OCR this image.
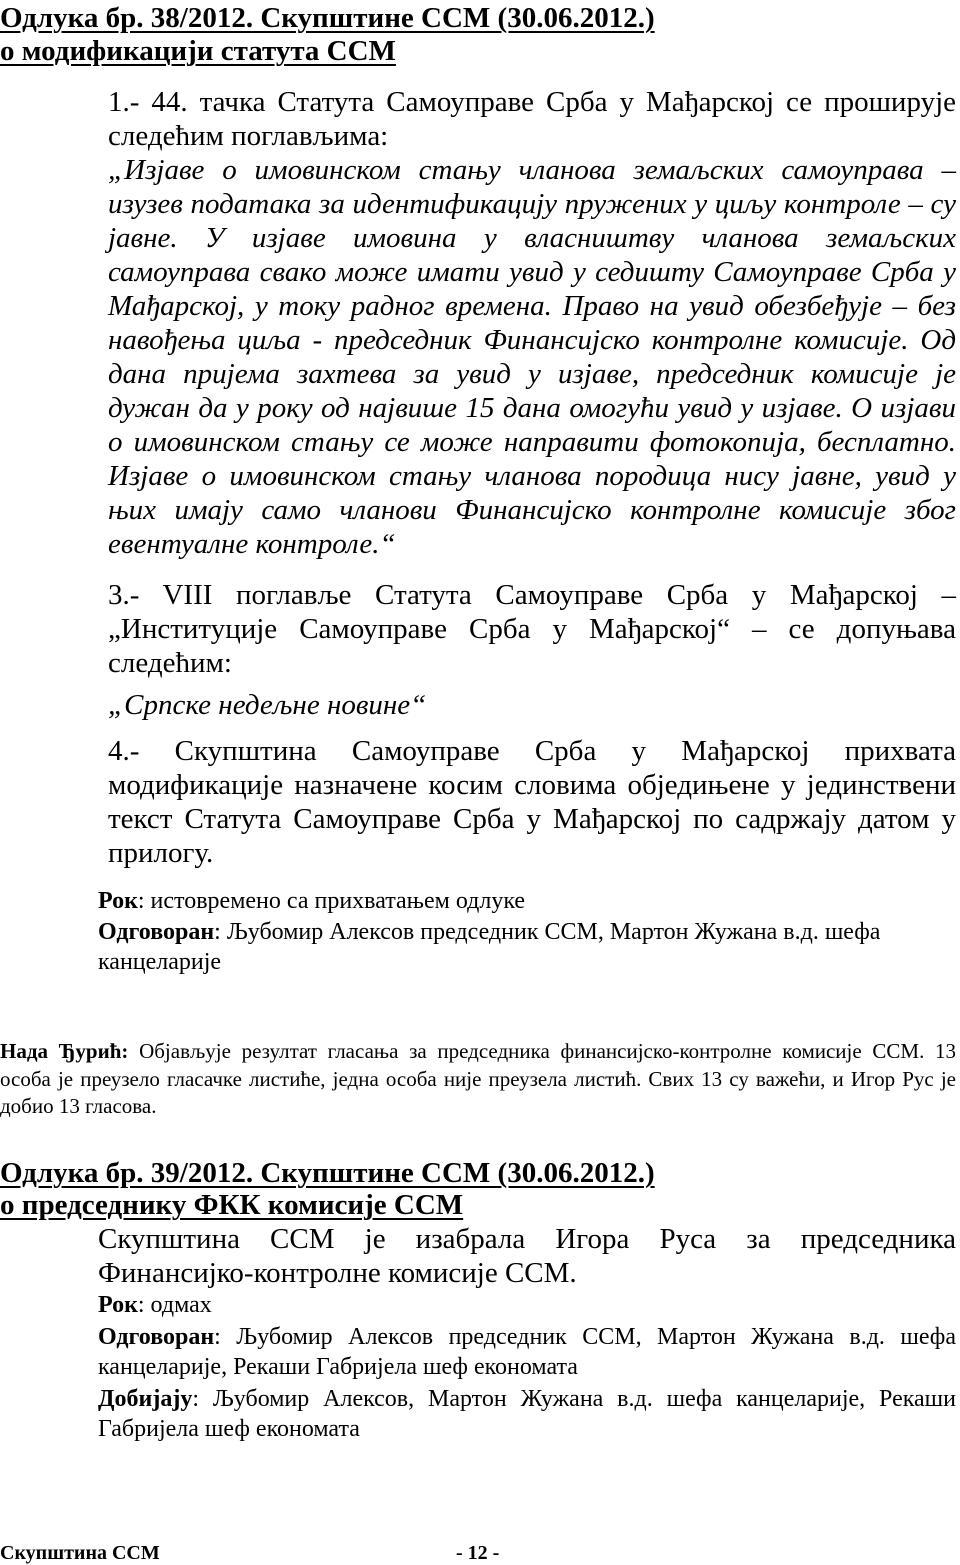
Одлука бр. 38/2012. Скупштине ССМ (30.06.2012.)
о модификацији статута ССМ

1.- 44. тачка Статута Самоуправе Срба у Мађарској се проширује следећим поглављима:

„Изјаве о имовинском стању чланова земаљских самоуправа – изузев података за идентификацију пружених у циљу контроле – су јавне. У изјаве имовина у власништву чланова земаљских самоуправа свако може имати увид у седишту Самоуправе Срба у Мађарској, у току радног времена. Право на увид обезбеђује – без навођења циља - председник Финансијско контролне комисије. Од дана пријема захтева за увид у изјаве, председник комисије је дужан да у року од највише 15 дана омогући увид у изјаве. О изјави о имовинском стању се може направити фотокопија, бесплатно. Изјаве о имовинском стању чланова породица нису јавне, увид у њих имају само чланови Финансијско контролне комисије због евентуалне контроле.“

3.- VIII поглавље Статута Самоуправе Срба у Мађарској – „Институције Самоуправе Срба у Мађарској“ – се допуњава следећим:

„Српске недељне новине“

4.- Скупштина Самоуправе Срба у Мађарској прихвата модификације назначене косим словима обједињене у јединствени текст Статута Самоуправе Срба у Мађарској по садржају датом у прилогу.

Рок: истовремено са прихватањем одлуке
Одговоран: Љубомир Алексов председник ССМ, Мартон Жужана в.д. шефа канцеларије
Нада Ђурић: Објављује резултат гласања за председника финансијско-контролне комисије ССМ. 13 особа је преузело гласачке листиће, једна особа није преузела листић. Свих 13 су важећи, и Игор Рус је добио 13 гласова.
Одлука бр. 39/2012. Скупштине ССМ (30.06.2012.)
о председнику ФКК комисије ССМ

Скупштина ССМ је изабрала Игора Руса за председника Финансијко-контролне комисије ССМ.

Рок: одмах
Одговоран: Љубомир Алексов председник ССМ, Мартон Жужана в.д. шефа канцеларије, Рекаши Габријела шеф економата
Добијају: Љубомир Алексов, Мартон Жужана в.д. шефа канцеларије, Рекаши Габријела шеф економата
Скупштина ССМ	- 12 -
